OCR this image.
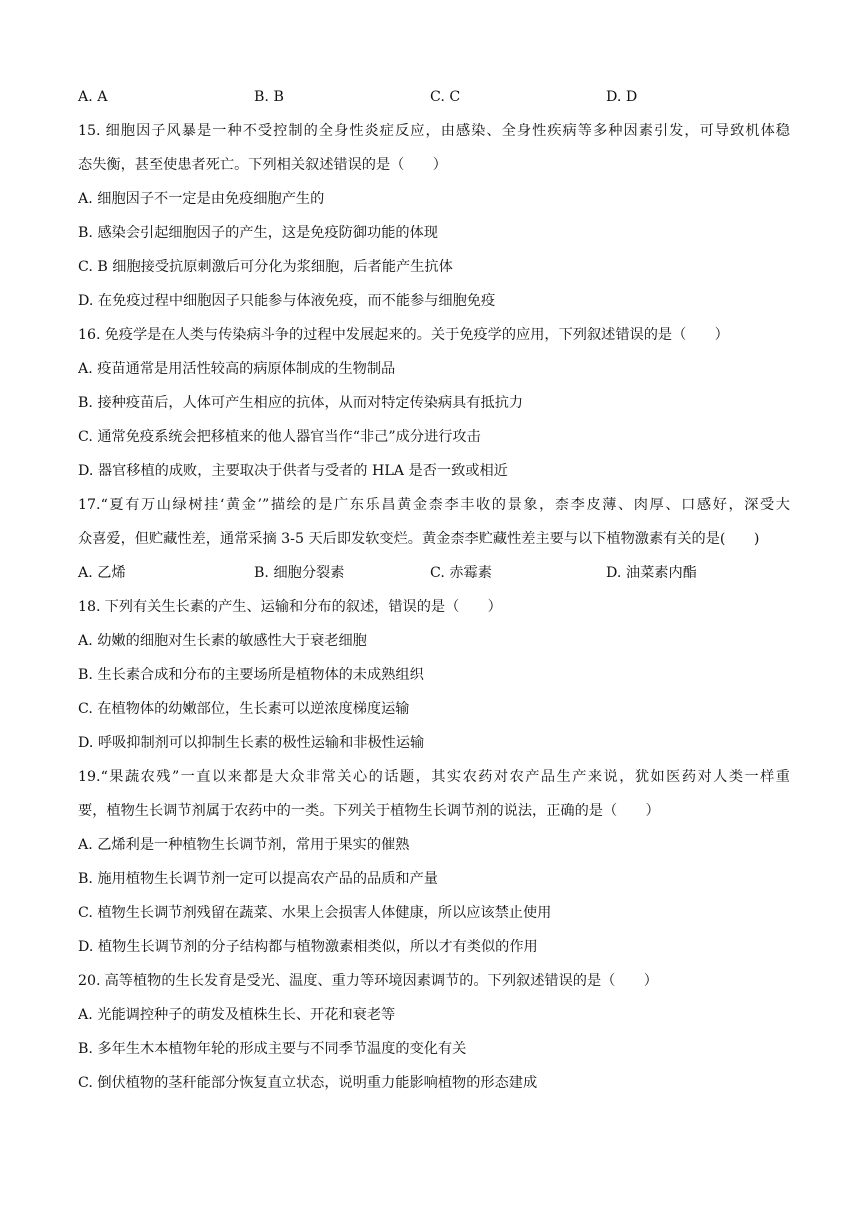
A. A	B. B	C. C	D. D
15. 细胞因子风暴是一种不受控制的全身性炎症反应，由感染、全身性疾病等多种因素引发，可导致机体稳
态失衡，甚至使患者死亡。下列相关叙述错误的是（　　）
A. 细胞因子不一定是由免疫细胞产生的
B. 感染会引起细胞因子的产生，这是免疫防御功能的体现
C. B 细胞接受抗原刺激后可分化为浆细胞，后者能产生抗体
D. 在免疫过程中细胞因子只能参与体液免疫，而不能参与细胞免疫
16. 免疫学是在人类与传染病斗争的过程中发展起来的。关于免疫学的应用，下列叙述错误的是（　　）
A. 疫苗通常是用活性较高的病原体制成的生物制品
B. 接种疫苗后，人体可产生相应的抗体，从而对特定传染病具有抵抗力
C. 通常免疫系统会把移植来的他人器官当作“非己”成分进行攻击
D. 器官移植的成败，主要取决于供者与受者的 HLA 是否一致或相近
17.“夏有万山绿树挂‘黄金’”描绘的是广东乐昌黄金柰李丰收的景象，柰李皮薄、肉厚、口感好，深受大
众喜爱，但贮藏性差，通常采摘 3-5 天后即发软变烂。黄金柰李贮藏性差主要与以下植物激素有关的是(　　)
A. 乙烯	B. 细胞分裂素	C. 赤霉素	D. 油菜素内酯
18. 下列有关生长素的产生、运输和分布的叙述，错误的是（　　）
A. 幼嫩的细胞对生长素的敏感性大于衰老细胞
B. 生长素合成和分布的主要场所是植物体的未成熟组织
C. 在植物体的幼嫩部位，生长素可以逆浓度梯度运输
D. 呼吸抑制剂可以抑制生长素的极性运输和非极性运输
19.“果蔬农残”一直以来都是大众非常关心的话题，其实农药对农产品生产来说，犹如医药对人类一样重
要，植物生长调节剂属于农药中的一类。下列关于植物生长调节剂的说法，正确的是（　　）
A. 乙烯利是一种植物生长调节剂，常用于果实的催熟
B. 施用植物生长调节剂一定可以提高农产品的品质和产量
C. 植物生长调节剂残留在蔬菜、水果上会损害人体健康，所以应该禁止使用
D. 植物生长调节剂的分子结构都与植物激素相类似，所以才有类似的作用
20. 高等植物的生长发育是受光、温度、重力等环境因素调节的。下列叙述错误的是（　　）
A. 光能调控种子的萌发及植株生长、开花和衰老等
B. 多年生木本植物年轮的形成主要与不同季节温度的变化有关
C. 倒伏植物的茎秆能部分恢复直立状态，说明重力能影响植物的形态建成
